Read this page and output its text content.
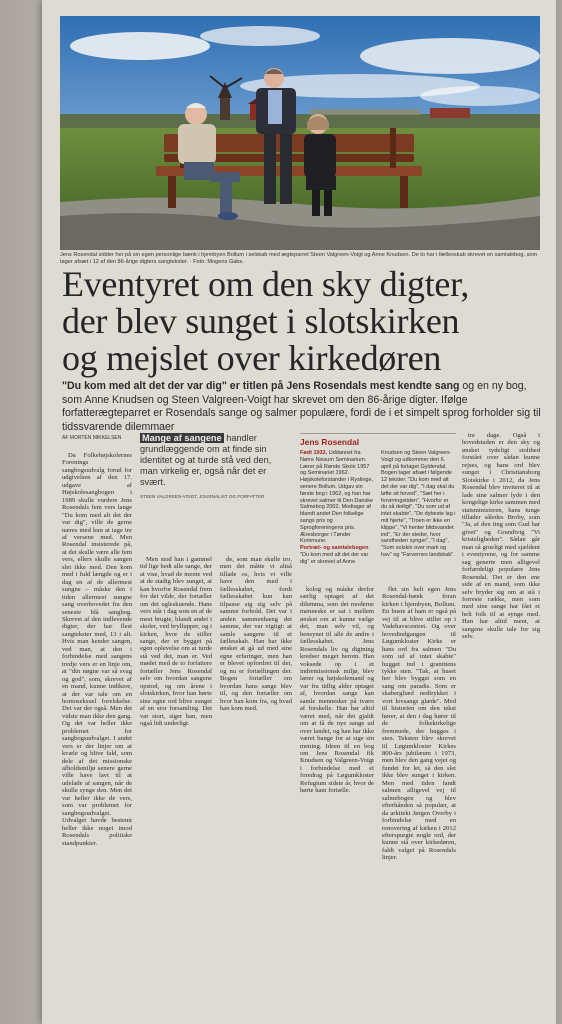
Jens Rosendal sidder her på sin egen personlige bænk i hjembyen Bollum i selskab med ægteparret Steen Valgreen-Voigt og Anne Knudsen. De to har i fællesskab skrevet en samtalebog, som tager afsæt i 12 af den 86-årige digters sangtekster. · Foto: Mogens Gabs.
Eventyret om den sky digter,
der blev sunget i slotskirken
og mejslet over kirkedøren
"Du kom med alt det der var dig" er titlen på Jens Rosendals mest kendte sang og en ny bog, som Anne Knudsen og Steen Valgreen-Voigt har skrevet om den 86-årige digter. Ifølge forfatterægteparret er Rosendals sange og salmer populære, fordi de i et simpelt sprog forholder sig til tidssvarende dilemmaer
AF MORTEN MIKKELSEN

Da Folkehøjskolernes Forenings sangbogsudvalg forud for udgivelsen af den 17. udgave af Højskolesangbogen i 1989 skulle vurdere Jens Rosendals fem vers lange "Du kom med alt det der var dig", ville de gerne næres med kun at tage tre af versene med. Men Rosendal insisterede på, at det skulle være alle fem vers, ellers skulle sangen slet ikke med. Den kom med i fuld længde og er i dag en af de allermest sungne – måske den i tiden allermest sungne sang overhovedet fra den seneste blå sangbog. Skrevet af den indlevende digter, der har flest sangtekster med, 13 i alt. Hvis man kender sangen, ved man, at den i forbindelse med sangens tredje vers er en linje om, at "din nøgne var så svag og god", som, skrevet af en mand, kunne indikere, at der var tale om en homoseksuel forelskelse. Det var der også. Men det vidste man ikke den gang. Og det var heller ikke problemet for sangbogsudvalget. I andet vers er der linjer om at kvæle og blive fald, som dele af det missionske afholdsmiljø senere gerne ville have lavt til at udelade af sangen, når de skulle synge den. Men det var heller ikke de vers, som var problemet for sangbogsudvalget. Udvalget havde bestemt heller ikke noget imod Rosendals politiske standpunkter.

Mange af sangene handler grundlæggende om at finde sin identitet og at turde stå ved den, man virkelig er, også når det er svært.
STEEN VALGREEN-VOIGT, JOURNALIST OG FORFATTER

Men stod han i gammel tid lige bedt alle sange, der at vise, hvad de mente ved at de stadig blev sunget, at kan hvorfor Rosendal frem for det vilde, der fortæller om det ugleskuende. Hans vers står i dag som en af de mest brugte, blandt andet i skoler, ved bryllupper, og i kirken, hvor de stiller sange, der er bygget på egen oplevelse om at turde stå ved det, man er. Ved mødet med de to forfattere fortæller Jens Rosendal selv om hvordan sangene opstod, og om årene i slotskirken, hvor han hørte sine egne ord blive sunget af en stor forsamling. Det var stort, siger han, men også lidt underligt.

de, som man skulle tro, men det måtte vi altså tillade os, hvis vi ville have den med i fællesskabet, fordi fællesskabet kun kan tilpasse sig sig selv på samme forhold. Det var i anden sammenhæng det samme, der var vigtigt: at samle sangene til et fællesskab. Han har ikke ønsket at gå ud med sine egne erfaringer, men han er blevet opfordret til det, og nu er fortællingen der. Bogen fortæller om hvordan hans sange blev til, og den fortæller om hvor han kom fra, og hvad han kom med.

Jens Rosendal
Født 1932, Uddannet fra Nørre Nissum Seminarium. Lærer på Rønde Skole 1957 og Seminariet 1962. Højskoleforstander i Ryslinge, senere Bollum. Udgav sin første bog i 1962, og han har skrevet salmer til Den Danske Salmebog 2002. Modtager af blandt andet Den folkelige sangs pris og Sprogforeningens pris. Æresborger i Tønder Kommune.
Portræt- og samtalebogen "Du kom med alt det der var dig" er skrevet af Anne Knudsen og Steen Valgreen-Voigt og udkommer den 6. april på forlaget Gyldendal. Bogen tager afsæt i følgende 12 tekster: "Du kom med alt det der var dig", "I dag skal du løfte sit hoved", "Sæt her i forvirringstiden", "Hvorfor er du så deiligt", "Du som ud af intet skabte", "De dybeste lag i mit hjerte", "Troen er ikke en klippe", "Vi henter blidsvandet ind", "Er der steder, hvor sandheden synger", "I dag", "Som solskin over mark og hav" og "Farvernes landskab".

kolog og måske derfor særlig optaget af det dilemma, som det moderne menneske er sat i mellem ønsket om at kunne vælge det, man selv vil, og hensynet til alle de andre i fællesskabet. Jens Rosendals liv og digtning kredser meget herom. Han voksede op i et indremissionsk miljø, blev lærer og højskolemand og var fra tidlig alder optaget af, hvordan sange kan samle mennesker på tværs af forskelle. Han har altid været med, når det gjaldt om at få de nye sange ud over landet, og han har ikke været bange for at sige sin mening. Ideen til en bog om Jens Rosendal fik Knudsen og Valgreen-Voigt i forbindelse med et foredrag på Løgumkloster Refugium sidste år, hvor de hørte ham fortælle.

flet sin helt egen Jens Rosendal-bænk foran kirken i hjembyen, Bollum. En buste af ham er også på vej til at blive stillet op i Vadehavscentret. Og over hovedindgangen til Løgumkloster Kirke er hans ord fra salmen "Du som ud af intet skabte" hugget ind i granittens tykke sten. "Tak, at huset her blev bygget som en sang om paradis. Som er skabergliæd nedtrykket i vort lovsangs glæde". Med til historien om den tekst hører, at den i dag hører til de folkekirkelige fremmede, der hugges i sten. Teksten blev skrevet til Løgumkloster Kirkes 800-års jubilæum i 1973, men blev den gang vejet og fundet for let, så den slet ikke blev sunget i kirken. Men med tiden fandt salmen alligevel vej til salmebogen og blev efterhånden så populær, at da arkitekt Jørgen Overby i forbindelse med en renovering af kirken i 2012 efterspurgte nogle ord, der kunne stå over kirkedøren, faldt valget på Rosendals linjer.

tre dage. Også i hovedstaden er den sky og ønsket tydeligt stolthed forstået over sådan kunne rejses, og hans ord blev sunget i Christiansborg Slotskirke i 2012, da Jens Rosendal blev inviteret til at lade sine salmer lyde i den kongelige kirke sammen med statsministeren, hans tunge tillader således Broby, som "Ja, af den ting som Gud har givet" og Grundtvig "Vi kristeligheden". Sådan går man så grueligt med sjældent i eventyrene, og for samme sag generte men alligevel forfærdeligt populære Jens Rosendal. Det er den ene side af en mand, som ikke selv bryder sig om at stå i forreste række, men som med sine sange har fået et helt folk til at synge med. Han har altid ment, at sangene skulle tale for sig selv.
